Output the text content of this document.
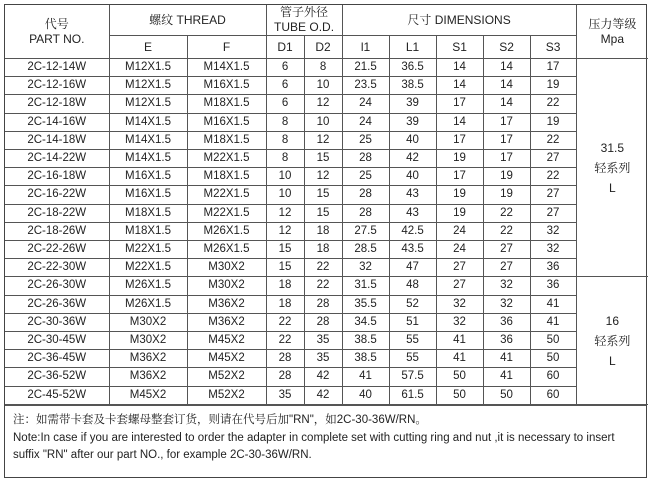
代号
PART NO.	螺纹 THREAD		管子外径
TUBE O.D.		尺寸 DIMENSIONS					压力等级
Mpa

	E	F	D1	D2	l1	L1	S1	S2	S3	
2C-12-14W	M12X1.5	M14X1.5	6	8	21.5	36.5	14	14	17	31.5
轻系列
L

2C-12-16W	M12X1.5	M16X1.5	6	10	23.5	38.5	14	14	19	
2C-12-18W	M12X1.5	M18X1.5	6	12	24	39	17	14	22	
2C-14-16W	M14X1.5	M16X1.5	8	10	24	39	14	17	19	
2C-14-18W	M14X1.5	M18X1.5	8	12	25	40	17	17	22	
2C-14-22W	M14X1.5	M22X1.5	8	15	28	42	19	17	27	
2C-16-18W	M16X1.5	M18X1.5	10	12	25	40	17	19	22	
2C-16-22W	M16X1.5	M22X1.5	10	15	28	43	19	19	27	
2C-18-22W	M18X1.5	M22X1.5	12	15	28	43	19	22	27	
2C-18-26W	M18X1.5	M26X1.5	12	18	27.5	42.5	24	22	32	
2C-22-26W	M22X1.5	M26X1.5	15	18	28.5	43.5	24	27	32	
2C-22-30W	M22X1.5	M30X2	15	22	32	47	27	27	36	
2C-26-30W	M26X1.5	M30X2	18	22	31.5	48	27	32	36	16
轻系列
L

2C-26-36W	M26X1.5	M36X2	18	28	35.5	52	32	32	41	
2C-30-36W	M30X2	M36X2	22	28	34.5	51	32	36	41	
2C-30-45W	M30X2	M45X2	22	35	38.5	55	41	36	50	
2C-36-45W	M36X2	M45X2	28	35	38.5	55	41	41	50	
2C-36-52W	M36X2	M52X2	28	42	41	57.5	50	41	60	
2C-45-52W	M45X2	M52X2	35	42	40	61.5	50	50	60	

注：如需带卡套及卡套螺母整套订货，则请在代号后加"RN"，如2C-30-36W/RN。

Note:In case if you are interested to order the adapter in complete set with cutting ring and nut ,it is necessary to insert suffix "RN" after our part NO., for example 2C-30-36W/RN.
